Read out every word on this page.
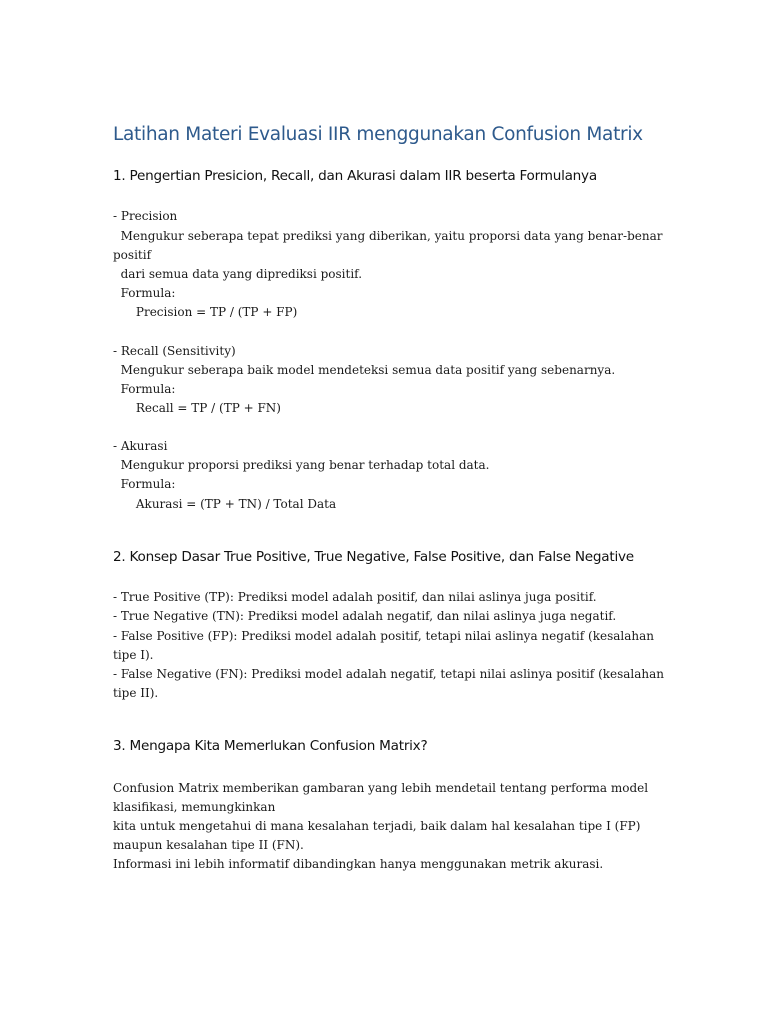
Latihan Materi Evaluasi IIR menggunakan Confusion Matrix
1. Pengertian Presicion, Recall, dan Akurasi dalam IIR beserta Formulanya
- Precision
Mengukur seberapa tepat prediksi yang diberikan, yaitu proporsi data yang benar-benar
positif
dari semua data yang diprediksi positif.
Formula:
Precision = TP / (TP + FP)
- Recall (Sensitivity)
Mengukur seberapa baik model mendeteksi semua data positif yang sebenarnya.
Formula:
Recall = TP / (TP + FN)
- Akurasi
Mengukur proporsi prediksi yang benar terhadap total data.
Formula:
Akurasi = (TP + TN) / Total Data
2. Konsep Dasar True Positive, True Negative, False Positive, dan False Negative
- True Positive (TP): Prediksi model adalah positif, dan nilai aslinya juga positif.
- True Negative (TN): Prediksi model adalah negatif, dan nilai aslinya juga negatif.
- False Positive (FP): Prediksi model adalah positif, tetapi nilai aslinya negatif (kesalahan
tipe I).
- False Negative (FN): Prediksi model adalah negatif, tetapi nilai aslinya positif (kesalahan
tipe II).
3. Mengapa Kita Memerlukan Confusion Matrix?
Confusion Matrix memberikan gambaran yang lebih mendetail tentang performa model
klasifikasi, memungkinkan
kita untuk mengetahui di mana kesalahan terjadi, baik dalam hal kesalahan tipe I (FP)
maupun kesalahan tipe II (FN).
Informasi ini lebih informatif dibandingkan hanya menggunakan metrik akurasi.
